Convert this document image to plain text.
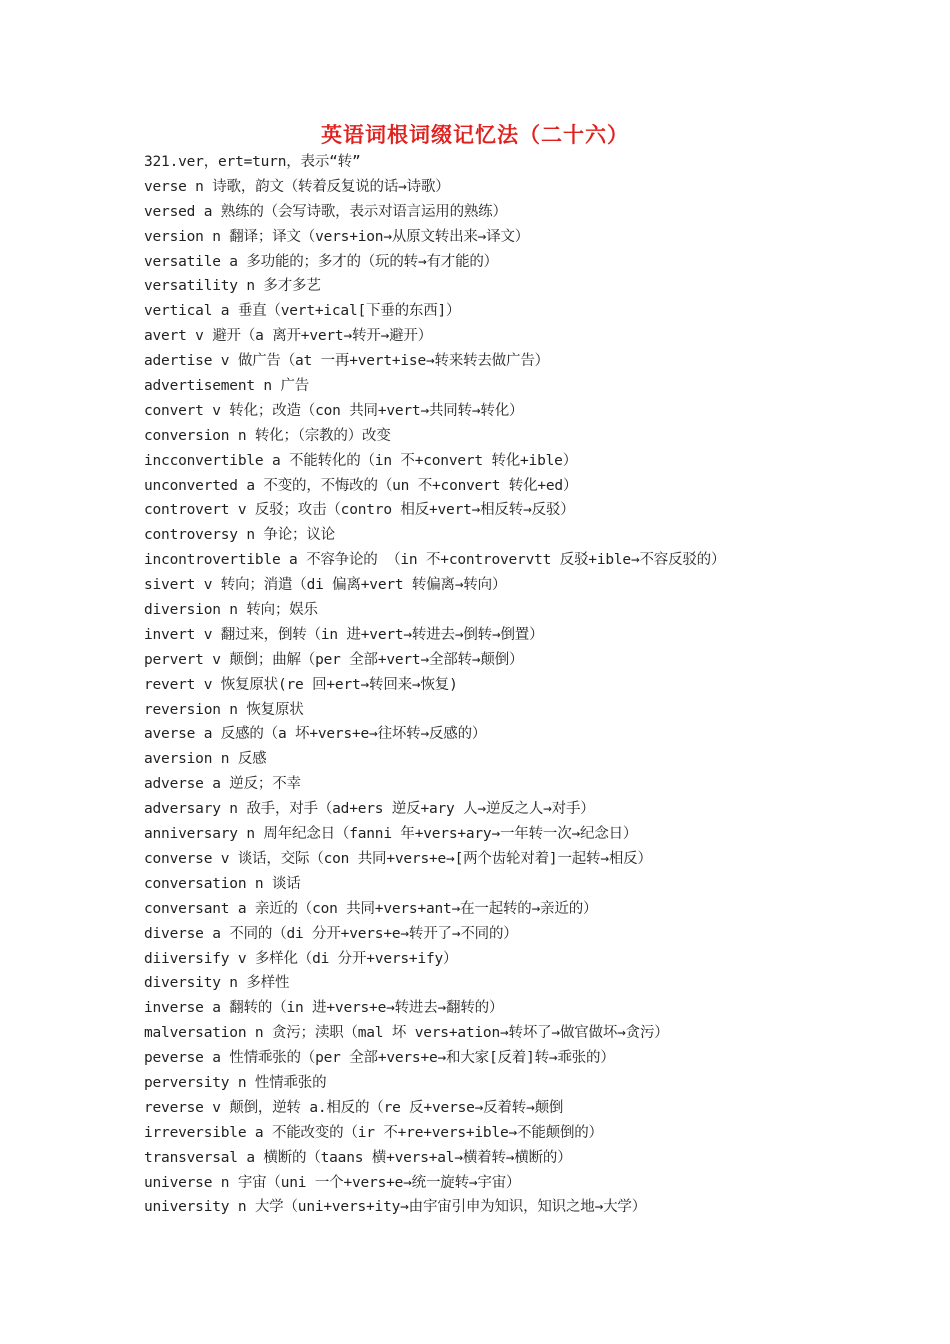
英语词根词缀记忆法（二十六）
321.ver，ert=turn，表示“转”
verse n 诗歌，韵文（转着反复说的话→诗歌）
versed a 熟练的（会写诗歌，表示对语言运用的熟练）
version n 翻译；译文（vers+ion→从原文转出来→译文）
versatile a 多功能的；多才的（玩的转→有才能的）
versatility n 多才多艺
vertical a 垂直（vert+ical[下垂的东西]）
avert v 避开（a 离开+vert→转开→避开）
adertise v 做广告（at 一再+vert+ise→转来转去做广告）
advertisement n 广告
convert v 转化；改造（con 共同+vert→共同转→转化）
conversion n 转化；（宗教的）改变
incconvertible a 不能转化的（in 不+convert 转化+ible）
unconverted a 不变的，不悔改的（un 不+convert 转化+ed）
controvert v 反驳；攻击（contro 相反+vert→相反转→反驳）
controversy n 争论；议论
incontrovertible a 不容争论的 （in 不+controvervtt 反驳+ible→不容反驳的）
sivert v 转向；消遣（di 偏离+vert 转偏离→转向）
diversion n 转向；娱乐
invert v 翻过来，倒转（in 进+vert→转进去→倒转→倒置）
pervert v 颠倒；曲解（per 全部+vert→全部转→颠倒）
revert v 恢复原状(re 回+ert→转回来→恢复)
reversion n 恢复原状
averse a 反感的（a 坏+vers+e→往坏转→反感的）
aversion n 反感
adverse a 逆反；不幸
adversary n 敌手，对手（ad+ers 逆反+ary 人→逆反之人→对手）
anniversary n 周年纪念日（fanni 年+vers+ary→一年转一次→纪念日）
converse v 谈话，交际（con 共同+vers+e→[两个齿轮对着]一起转→相反）
conversation n 谈话
conversant a 亲近的（con 共同+vers+ant→在一起转的→亲近的）
diverse a 不同的（di 分开+vers+e→转开了→不同的）
diiversify v 多样化（di 分开+vers+ify）
diversity n 多样性
inverse a 翻转的（in 进+vers+e→转进去→翻转的）
malversation n 贪污；渎职（mal 坏 vers+ation→转坏了→做官做坏→贪污）
peverse a 性情乖张的（per 全部+vers+e→和大家[反着]转→乖张的）
perversity n 性情乖张的
reverse v 颠倒，逆转 a.相反的（re 反+verse→反着转→颠倒
irreversible a 不能改变的（ir 不+re+vers+ible→不能颠倒的）
transversal a 横断的（taans 横+vers+al→横着转→横断的）
universe n 宇宙（uni 一个+vers+e→统一旋转→宇宙）
university n 大学（uni+vers+ity→由宇宙引申为知识，知识之地→大学）
